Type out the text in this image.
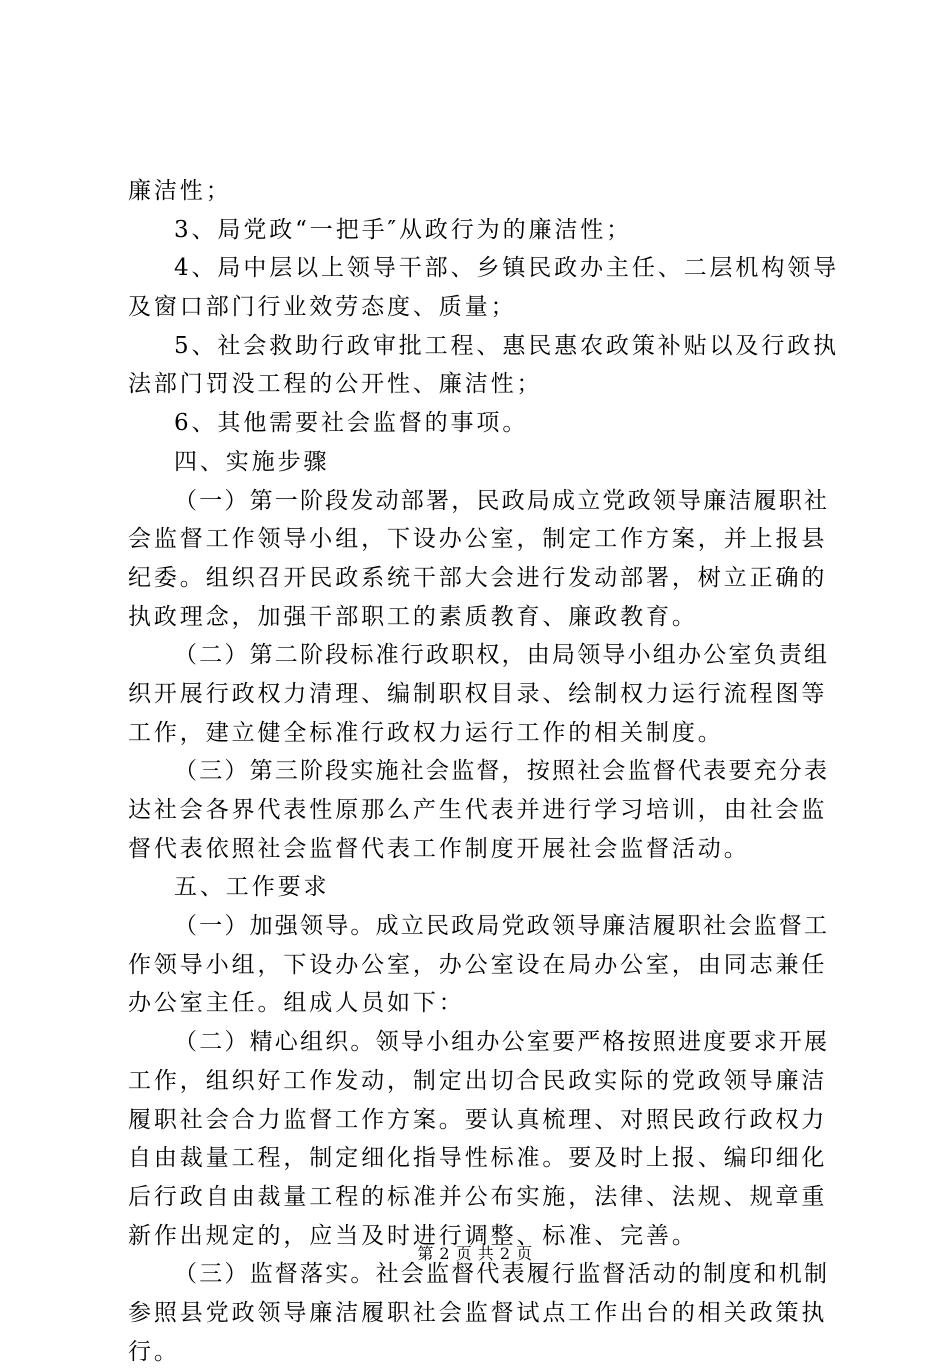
廉洁性；
3、局党政“一把手″从政行为的廉洁性；
4、局中层以上领导干部、乡镇民政办主任、二层机构领导
及窗口部门行业效劳态度、质量；
5、社会救助行政审批工程、惠民惠农政策补贴以及行政执
法部门罚没工程的公开性、廉洁性；
6、其他需要社会监督的事项。
四、实施步骤
（一）第一阶段发动部署，民政局成立党政领导廉洁履职社
会监督工作领导小组，下设办公室，制定工作方案，并上报县
纪委。组织召开民政系统干部大会进行发动部署，树立正确的
执政理念，加强干部职工的素质教育、廉政教育。
（二）第二阶段标准行政职权，由局领导小组办公室负责组
织开展行政权力清理、编制职权目录、绘制权力运行流程图等
工作，建立健全标准行政权力运行工作的相关制度。
（三）第三阶段实施社会监督，按照社会监督代表要充分表
达社会各界代表性原那么产生代表并进行学习培训，由社会监
督代表依照社会监督代表工作制度开展社会监督活动。
五、工作要求
（一）加强领导。成立民政局党政领导廉洁履职社会监督工
作领导小组，下设办公室，办公室设在局办公室，由同志兼任
办公室主任。组成人员如下：
（二）精心组织。领导小组办公室要严格按照进度要求开展
工作，组织好工作发动，制定出切合民政实际的党政领导廉洁
履职社会合力监督工作方案。要认真梳理、对照民政行政权力
自由裁量工程，制定细化指导性标准。要及时上报、编印细化
后行政自由裁量工程的标准并公布实施，法律、法规、规章重
新作出规定的，应当及时进行调整、标准、完善。
（三）监督落实。社会监督代表履行监督活动的制度和机制
参照县党政领导廉洁履职社会监督试点工作出台的相关政策执
行。
第 2 页 共 2 页
